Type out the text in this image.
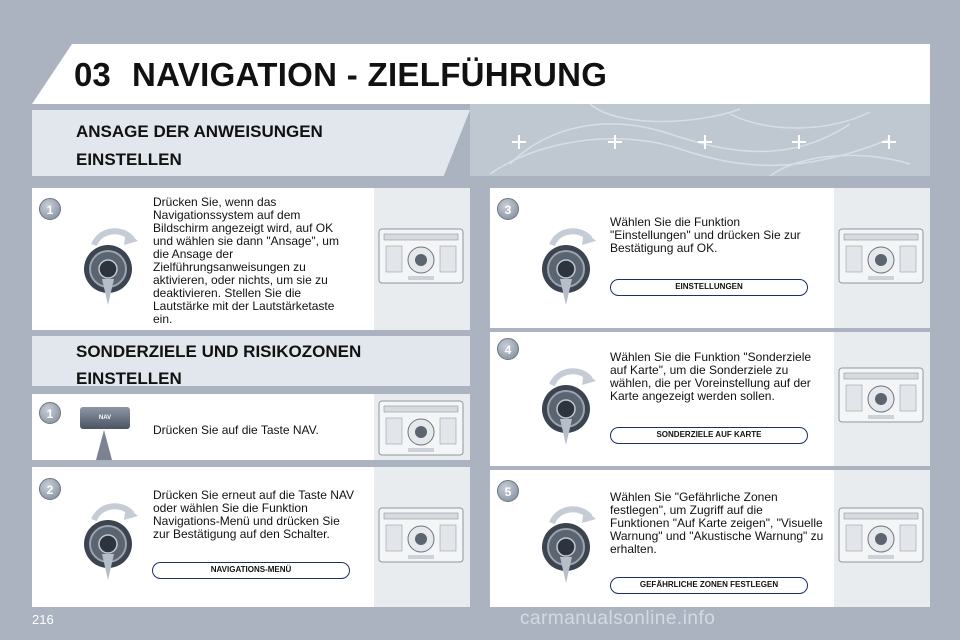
03 NAVIGATION - ZIELFÜHRUNG
ANSAGE DER ANWEISUNGEN
EINSTELLEN
1
Drücken Sie, wenn das Navigationssystem auf dem Bildschirm angezeigt wird, auf OK und wählen sie dann "Ansage", um die Ansage der Zielführungsanweisungen zu aktivieren, oder nichts, um sie zu deaktivieren. Stellen Sie die Lautstärke mit der Lautstärketaste ein.
SONDERZIELE UND RISIKOZONEN
EINSTELLEN
1	NAV
Drücken Sie auf die Taste NAV.
2	Drücken Sie erneut auf die Taste NAV oder wählen Sie die Funktion Navigations-Menü und drücken Sie zur Bestätigung auf den Schalter.
NAVIGATIONS-MENÜ
3
Wählen Sie die Funktion "Einstellungen" und drücken Sie zur Bestätigung auf OK.
EINSTELLUNGEN
4	Wählen Sie die Funktion "Sonderziele auf Karte", um die Sonderziele zu wählen, die per Voreinstellung auf der Karte angezeigt werden sollen.
SONDERZIELE AUF KARTE
5	Wählen Sie "Gefährliche Zonen festlegen", um Zugriff auf die Funktionen "Auf Karte zeigen", "Visuelle Warnung" und "Akustische Warnung" zu erhalten.
GEFÄHRLICHE ZONEN FESTLEGEN
216	carmanualsonline.info
